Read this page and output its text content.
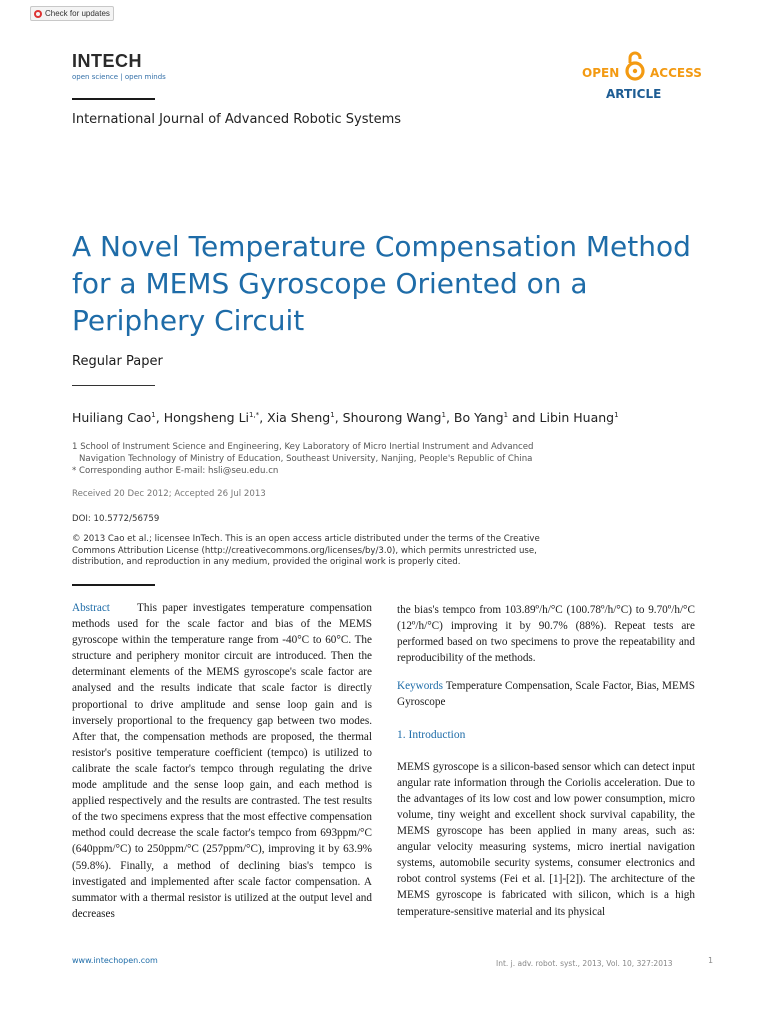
Check for updates
INTECH
open science | open minds	OPEN	ACCESS
ARTICLE
International Journal of Advanced Robotic Systems
A Novel Temperature Compensation Method for a MEMS Gyroscope Oriented on a Periphery Circuit
Regular Paper
Huiliang Cao$^1$, Hongsheng $Li^{1,*}$, Xia Sheng$^1$, Shourong Wang$^1$, Bo Yang$^1$ and Libin Huang$^1$
1 School of Instrument Science and Engineering, Key Laboratory of Micro Inertial Instrument and Advanced
Navigation Technology of Ministry of Education, Southeast University, Nanjing, People's Republic of China
* Corresponding author E-mail: hsli@seu.edu.cn
Received 20 Dec 2012; Accepted 26 Jul 2013
DOI: 10.5772/56759
© 2013 Cao et al.; licensee InTech. This is an open access article distributed under the terms of the Creative
Commons Attribution License (http://creativecommons.org/licenses/by/3.0), which permits unrestricted use,
distribution, and reproduction in any medium, provided the original work is properly cited.

Abstract This paper investigates temperature compensation methods used for the scale factor and bias of the MEMS gyroscope within the temperature range from -40°C to 60°C. The structure and periphery monitor circuit are introduced. Then the determinant elements of the MEMS gyroscope's scale factor are analysed and the results indicate that scale factor is directly proportional to drive amplitude and sense loop gain and is inversely proportional to the frequency gap between two modes. After that, the compensation methods are proposed, the thermal resistor's positive temperature coefficient (tempco) is utilized to calibrate the scale factor's tempco through regulating the drive mode amplitude and the sense loop gain, and each method is applied respectively and the results are contrasted. The test results of the two specimens express that the most effective compensation method could decrease the scale factor's tempco from 693ppm/°C (640ppm/°C) to 250ppm/°C (257ppm/°C), improving it by 63.9% (59.8%). Finally, a method of declining bias's tempco is investigated and implemented after scale factor compensation. A summator with a thermal resistor is utilized at the output level and decreases

the bias's tempco from 103.89º/h/°C (100.78º/h/°C) to 9.70º/h/°C (12º/h/°C) improving it by 90.7% (88%). Repeat tests are performed based on two specimens to prove the repeatability and reproducibility of the methods.

Keywords Temperature Compensation, Scale Factor, Bias, MEMS Gyroscope

1. Introduction

MEMS gyroscope is a silicon-based sensor which can detect input angular rate information through the Coriolis acceleration. Due to the advantages of its low cost and low power consumption, micro volume, tiny weight and excellent shock survival capability, the MEMS gyroscope has been applied in many areas, such as: angular velocity measuring systems, micro inertial navigation systems, automobile security systems, consumer electronics and robot control systems (Fei et al. [1]-[2]). The architecture of the MEMS gyroscope is fabricated with silicon, which is a high temperature-sensitive material and its physical

www.intechopen.com	Int. j. adv. robot. syst., 2013, Vol. 10, 327:2013	1
